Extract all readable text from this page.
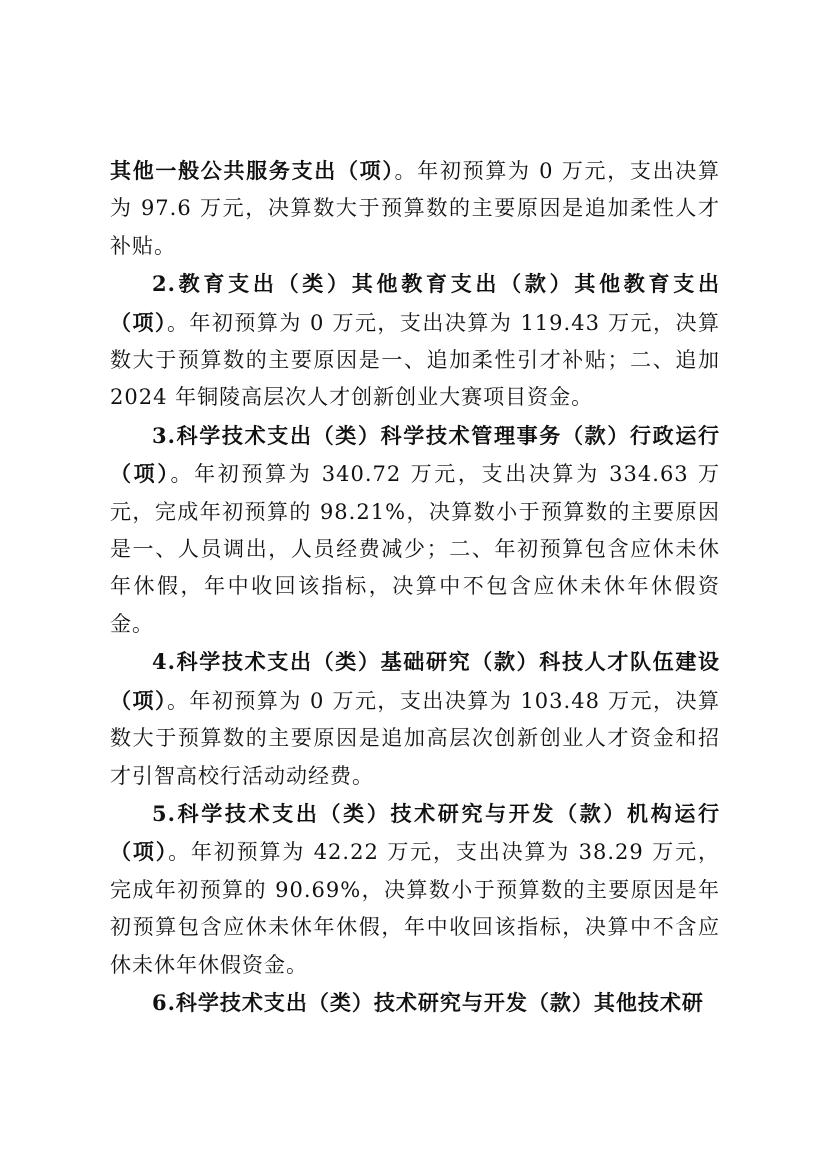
其他一般公共服务支出（项）。年初预算为 0 万元，支出决算为 97.6 万元，决算数大于预算数的主要原因是追加柔性人才补贴。

2.教育支出（类）其他教育支出（款）其他教育支出（项）。年初预算为 0 万元，支出决算为 119.43 万元，决算数大于预算数的主要原因是一、追加柔性引才补贴；二、追加2024 年铜陵高层次人才创新创业大赛项目资金。

3.科学技术支出（类）科学技术管理事务（款）行政运行（项）。年初预算为 340.72 万元，支出决算为 334.63 万元，完成年初预算的 98.21%，决算数小于预算数的主要原因是一、人员调出，人员经费减少；二、年初预算包含应休未休年休假，年中收回该指标，决算中不包含应休未休年休假资金。

4.科学技术支出（类）基础研究（款）科技人才队伍建设（项）。年初预算为 0 万元，支出决算为 103.48 万元，决算数大于预算数的主要原因是追加高层次创新创业人才资金和招才引智高校行活动动经费。

5.科学技术支出（类）技术研究与开发（款）机构运行（项）。年初预算为 42.22 万元，支出决算为 38.29 万元，完成年初预算的 90.69%，决算数小于预算数的主要原因是年初预算包含应休未休年休假，年中收回该指标，决算中不含应休未休年休假资金。

6.科学技术支出（类）技术研究与开发（款）其他技术研
